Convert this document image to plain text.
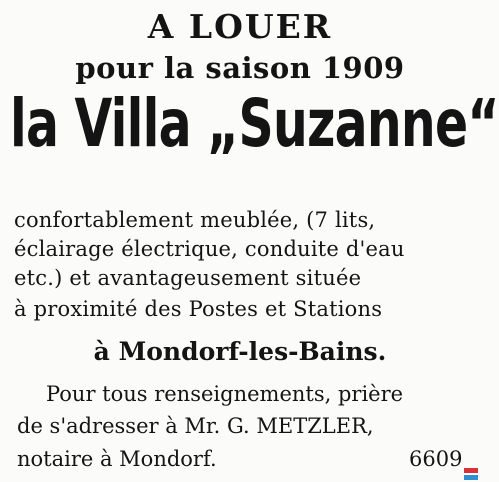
A LOUER
pour la saison 1909
la Villa „Suzanne“
confortablement meublée, (7 lits,
éclairage électrique, conduite d'eau
etc.) et avantageusement située
à proximité des Postes et Stations
à Mondorf-les-Bains.
Pour tous renseignements, prière
de s'adresser à Mr. G. METZLER,
notaire à Mondorf.	6609
